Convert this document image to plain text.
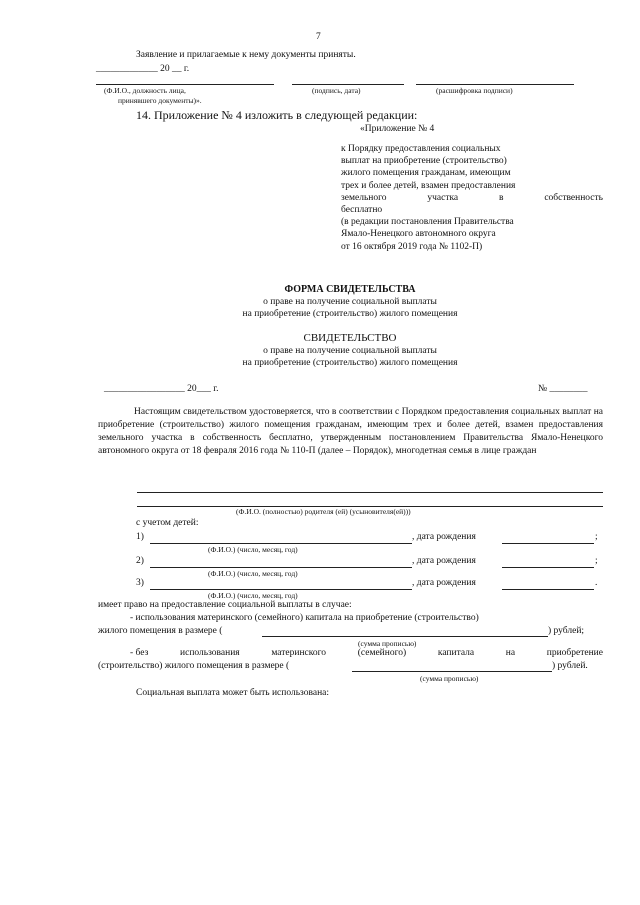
7
Заявление и прилагаемые к нему документы приняты.
_____________ 20 __ г.
(Ф.И.О., должность лица,
принявшего документы)».
(подпись, дата)	(расшифровка подписи)
14. Приложение № 4 изложить в следующей редакции:
«Приложение № 4
к Порядку предоставления социальных
выплат на приобретение (строительство)
жилого помещения гражданам, имеющим
трех и более детей, взамен предоставления
земельного участка в собственность
бесплатно
(в редакции постановления Правительства
Ямало-Ненецкого автономного округа
от 16 октября 2019 года № 1102-П)
ФОРМА СВИДЕТЕЛЬСТВА
о праве на получение социальной выплаты
на приобретение (строительство) жилого помещения
СВИДЕТЕЛЬСТВО
о праве на получение социальной выплаты
на приобретение (строительство) жилого помещения
_________________ 20___ г.	№ ________
Настоящим свидетельством удостоверяется, что в соответствии с Порядком предоставления социальных выплат на приобретение (строительство) жилого помещения гражданам, имеющим трех и более детей, взамен предоставления земельного участка в собственность бесплатно, утвержденным постановлением Правительства Ямало-Ненецкого автономного округа от 18 февраля 2016 года № 110-П (далее – Порядок), многодетная семья в лице граждан
(Ф.И.О. (полностью) родителя (ей) (усыновителя(ей)))
с учетом детей:
1)	, дата рождения	;
(Ф.И.О.) (число, месяц, год)
2)	, дата рождения	;
(Ф.И.О.) (число, месяц, год)
3)	, дата рождения	.
(Ф.И.О.) (число, месяц, год)
имеет право на предоставление социальной выплаты в случае:
- использования материнского (семейного) капитала на приобретение (строительство)
жилого помещения в размере (	) рублей;
(сумма прописью)
- без	использования	материнского	(семейного)	капитала	на	приобретение
(строительство) жилого помещения в размере (	) рублей.
(сумма прописью)
Социальная выплата может быть использована:
